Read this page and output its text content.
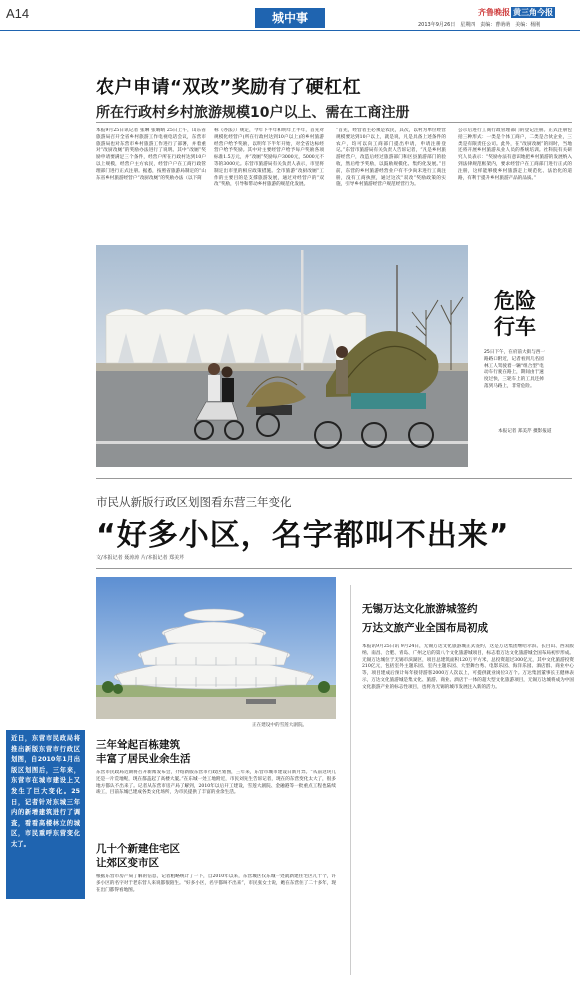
A14	城中事	齐鲁晚报 黄三角今报
2013年9月26日　星期四　责编：曹萌萌　美编：杨刚
农户申请“双改”奖励有了硬杠杠
所在行政村乡村旅游规模10户以上、需在工商注册
本报9月25日讯记者 张琳 张晴晴 25日上午，山东省旅游局召开全省乡村旅游工作电视电话会议，东营市旅游局也对东营市乡村旅游工作进行了部署，并着重对“改厨改厕”的奖励办法进行了说明。其中“改厕”奖励申请要满足三个条件，经营户所在行政村达到10户以上规模，经营户主方农民，经营户户在工商行政管理部门进行正式注册。据悉，按照省旅游局制定的“山东省乡村旅游经营户“改厨改厕”的奖励办法（以下简
称《办法》）规定，今年下半年和明年上半年，首先对规模化经营户(所在行政村达到10户以上)的乡村旅游经营户给予奖励，以明年下半年开始，对全省达标经营户给予奖励。其中对主要经营户给予每户奖励各项标准1.5万元，并“改厕”奖励每户3000元，5000元不等的3000元。东营市旅游局有关负责人表示，市里将制定出市里的相应政策措施。全市旅游“改厨改厕”工作的主要目的是支撑旅游发展，通过对经营户的“双改”奖励，引导和带动乡村旅游的规范化发展。
“首先，经营者主必须是农民，其次，以村为单位经营规模要达到10户以上，就是说，凡是具备上述条件的农户，均可以向工商部门提出申请，申请注册登记。”东营市旅游局有关负责人告诉记者，“凡是乡村旅游经营户，改造后经过旅游部门和区县旅游部门的验收，然后给予奖励，以鼓励规模化、集约化发展。”目前，东营的乡村旅游经营业户有不少尚未进行工商注册，没有工商执照，通过这次“双改”奖励政策的实施，引导乡村旅游经营户规范经营行为。
公示后进行工商行政管理部门的登记注册。正式注册包括三种形式：一类是个体工商户，二类是合伙企业，三类是有限责任公司。此外，在“改厨改厕”的同时，当地还将开展乡村旅游从业人员的系统培训。社科院有关研究人员表示：“奖励办法有意识地把乡村旅游的发展纳入到法律规范框架内，要求经营户在工商部门进行正式的注册，这样能够使乡村旅游走上规范化、法治化的道路，有利于提升乡村旅游产品的品质。”
危险
行车
25日下午，在府前大街与西一路路口附近，记者看到几名园林工人驾驶着一辆“组合型”电动车行驶在路上，期间由于速度过快，三轮车上的工具还掉落到马路上，非常危险。
本报记者 郑美芹 摄影报道
市民从新版行政区划图看东营三年变化
“好多小区，名字都叫不出来”
文/本报记者 聂涛涛 片/本报记者 郑美芹
正在建设中的雪莲大剧院。
近日，东营市民政局将推出新版东营市行政区划图，自2010年1月出版区划图后，三年来，东营市在城市建设上又发生了巨大变化。25日，记者针对东城三年内的新增建筑进行了调查，看看高楼林立的城区，市民重呼东营变化太了。
三年耸起百栋建筑
丰富了居民业余生活
东营市民政局近期将召开新闻发布会，介绍新版东营市行政区划图，三年来，东营市城市建设日新月异。“从前这块儿还是一片荒地呢，现在都盖起了高楼大厦。”在东城一处工地附近，市民刘先生告诉记者，现在的东营变化太大了，很多地方都认不出来了。记者从东营市房产局了解到，2010年以后开工建设，雪莲大剧院、金融港等一批重点工程也陆续竣工，目前东城已建成各类文化场所，为市民提供了丰富的业余生活。
几十个新建住宅区
让郊区变市区
根据东营市房产局了解的信息，记者粗略统计了一下，自2010年以来，东营城区仅东城一处就新建住宅区几十个，许多小区的名字对于老东营人来说都很陌生。“好多小区，名字都叫不出来”，市民张女士说，她在东营住了二十多年，现在出门都得看地图。
无锡万达文化旅游城签约
万达文旅产业全国布局初成
本报讯9月25日讯 9月24日，无锡万达文化旅游城正式签约，这是万达集团继哈尔滨、长白山、西双版纳、南昌、合肥、青岛、广州之后的第八个文化旅游城项目，标志着万达文化旅游城全国布局初步形成。无锡万达城位于无锡市滨湖区，项目总建筑面积120万平方米，总投资超过300亿元，其中文化旅游投资210亿元，包括室外主题乐园、室内主题乐园、大型舞台秀、电影乐园、海洋乐园、酒店群、商业中心等，项目建成后预计每年接待游客2000万人次以上，可提供就业岗位3万个。万达集团董事长王健林表示，万达文化旅游城是集文化、旅游、商业、酒店于一体的超大型文化旅游项目，无锡万达城将成为中国文化旅游产业的标志性项目，也将为无锡的城市发展注入新的活力。
